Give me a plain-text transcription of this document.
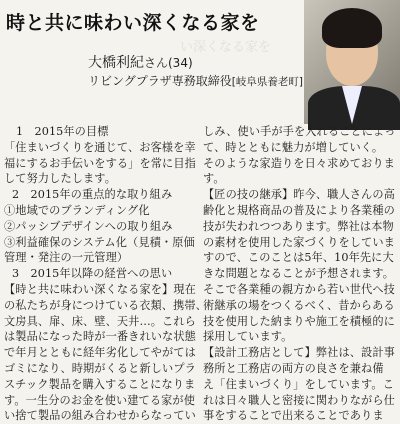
時と共に味わい深くなる家を
い深くなる家を
大橋利紀さん(34)
リビングプラザ専務取締役[岐阜県養老町]
1　2015年の目標
「住まいづくりを通じて、お客様を幸
福にするお手伝いをする」を常に目指
して努力したします。
2　2015年の重点的な取り組み
①地域でのブランディング化
②パッシブデザインへの取り組み
③利益確保のシステム化（見積・原価
管理・発注の一元管理）
3　2015年以降の経営への思い
【時と共に味わい深くなる家を】現在
の私たちが身につけている衣類、携帯、
文房具、扉、床、壁、天井…。これら
は製品になった時が一番きれいな状態
で年月とともに経年劣化してやがては
ゴミになり、時期がくると新しいプラ
スチック製品を購入することになりま
す。一生分のお金を使い建てる家が使
い捨て製品の組み合わせからなってい
しみ、使い手が手を入れることによっ
て、時とともに魅力が増していく。
そのような家造りを日々求めておりま
す。
【匠の技の継承】昨今、職人さんの高
齢化と規格商品の普及により各業種の
技が失われつつあります。弊社は本物
の素材を使用した家づくりをしていま
すので、このことは5年、10年先に大
きな問題となることが予想されます。
そこで各業種の親方から若い世代へ技
術継承の場をつくるべく、昔からある
技を使用した納まりや施工を積極的に
採用しています。
【設計工務店として】弊社は、設計事
務所と工務店の両方の良さを兼ね備
え「住まいづくり」をしています。こ
れは日々職人と密接に関わりながら仕
事をすることで出来ることでありま
